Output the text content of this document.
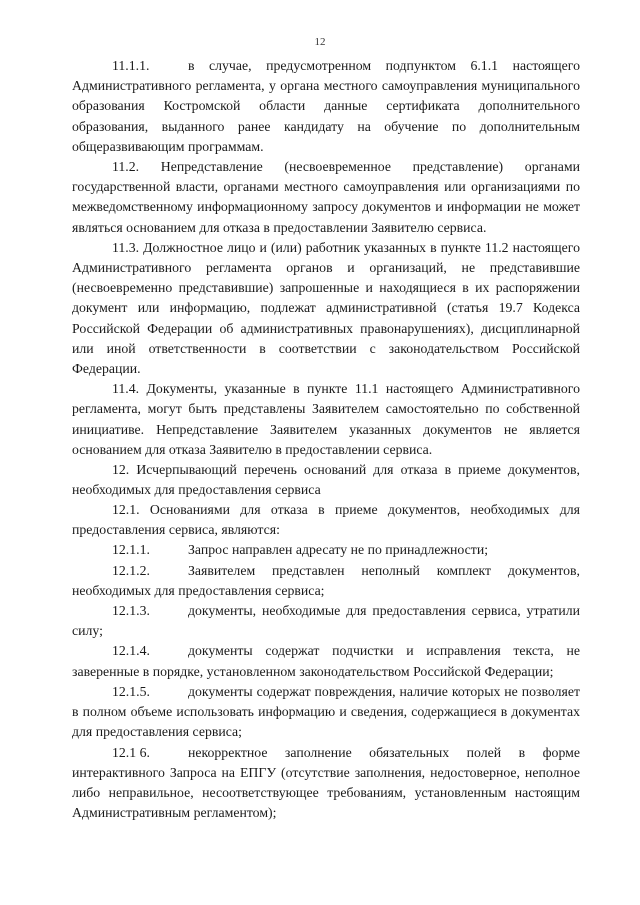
12

11.1.1.	в случае, предусмотренном подпунктом 6.1.1 настоящего Административного регламента, у органа местного самоуправления муниципального образования Костромской области данные сертификата дополнительного образования, выданного ранее кандидату на обучение по дополнительным общеразвивающим программам.

11.2. Непредставление (несвоевременное представление) органами государственной власти, органами местного самоуправления или организациями по межведомственному информационному запросу документов и информации не может являться основанием для отказа в предоставлении Заявителю сервиса.

11.3. Должностное лицо и (или) работник указанных в пункте 11.2 настоящего Административного регламента органов и организаций, не представившие (несвоевременно представившие) запрошенные и находящиеся в их распоряжении документ или информацию, подлежат административной (статья 19.7 Кодекса Российской Федерации об административных правонарушениях), дисциплинарной или иной ответственности в соответствии с законодательством Российской Федерации.

11.4. Документы, указанные в пункте 11.1 настоящего Административного регламента, могут быть представлены Заявителем самостоятельно по собственной инициативе. Непредставление Заявителем указанных документов не является основанием для отказа Заявителю в предоставлении сервиса.

12. Исчерпывающий перечень оснований для отказа в приеме документов, необходимых для предоставления сервиса

12.1. Основаниями для отказа в приеме документов, необходимых для предоставления сервиса, являются:

12.1.1.	Запрос направлен адресату не по принадлежности;

12.1.2.	Заявителем представлен неполный комплект документов, необходимых для предоставления сервиса;

12.1.3.	документы, необходимые для предоставления сервиса, утратили силу;

12.1.4.	документы содержат подчистки и исправления текста, не заверенные в порядке, установленном законодательством Российской Федерации;

12.1.5.	документы содержат повреждения, наличие которых не позволяет в полном объеме использовать информацию и сведения, содержащиеся в документах для предоставления сервиса;

12.1 6.	некорректное заполнение обязательных полей в форме интерактивного Запроса на ЕПГУ (отсутствие заполнения, недостоверное, неполное либо неправильное, несоответствующее требованиям, установленным настоящим Административным регламентом);
